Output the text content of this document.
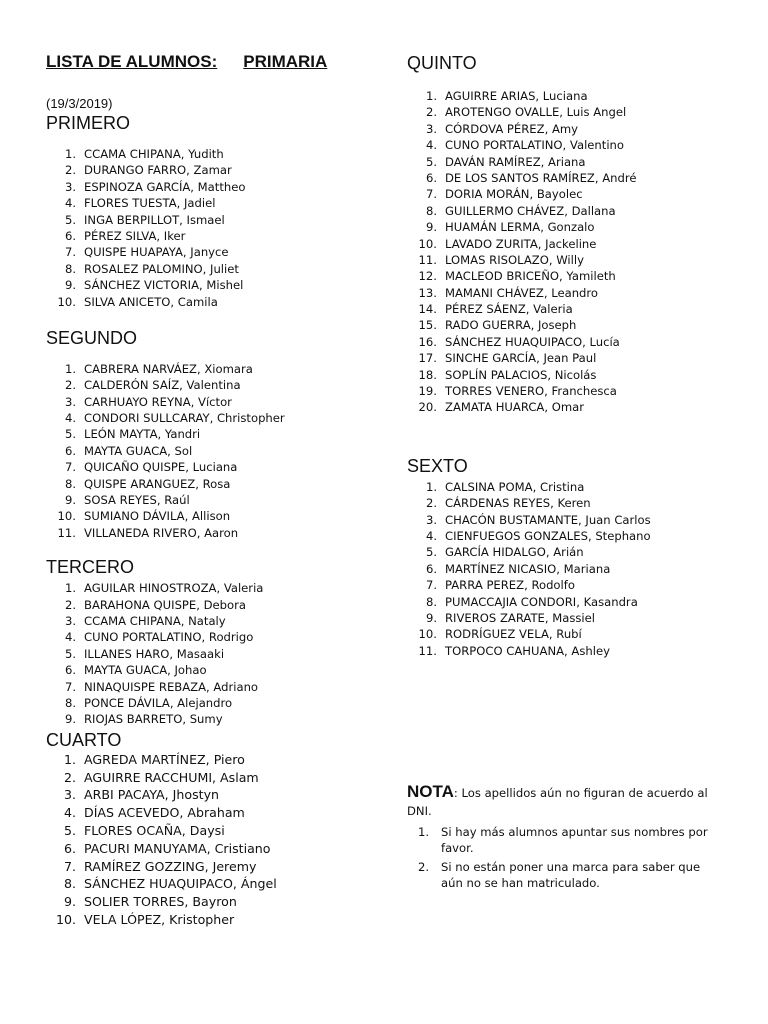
LISTA DE ALUMNOS: PRIMARIA

(19/3/2019)
PRIMERO
1. CCAMA CHIPANA, Yudith
2. DURANGO FARRO, Zamar
3. ESPINOZA GARCÍA, Mattheo
4. FLORES TUESTA, Jadiel
5. INGA BERPILLOT, Ismael
6. PÉREZ SILVA, Iker
7. QUISPE HUAPAYA, Janyce
8. ROSALEZ PALOMINO, Juliet
9. SÁNCHEZ VICTORIA, Mishel
10. SILVA ANICETO, Camila
SEGUNDO
1. CABRERA NARVÁEZ, Xiomara
2. CALDERÓN SAÍZ, Valentina
3. CARHUAYO REYNA, Víctor
4. CONDORI SULLCARAY, Christopher
5. LEÓN MAYTA, Yandri
6. MAYTA GUACA, Sol
7. QUICAÑO QUISPE, Luciana
8. QUISPE ARANGUEZ, Rosa
9. SOSA REYES, Raúl
10. SUMIANO DÁVILA, Allison
11. VILLANEDA RIVERO, Aaron
TERCERO
1. AGUILAR HINOSTROZA, Valeria
2. BARAHONA QUISPE, Debora
3. CCAMA CHIPANA, Nataly
4. CUNO PORTALATINO, Rodrigo
5. ILLANES HARO, Masaaki
6. MAYTA GUACA, Johao
7. NINAQUISPE REBAZA, Adriano
8. PONCE DÁVILA, Alejandro
9. RIOJAS BARRETO, Sumy
CUARTO
1. AGREDA MARTÍNEZ, Piero
2. AGUIRRE RACCHUMI, Aslam
3. ARBI PACAYA, Jhostyn
4. DÍAS ACEVEDO, Abraham
5. FLORES OCAÑA, Daysi
6. PACURI MANUYAMA, Cristiano
7. RAMÍREZ GOZZING, Jeremy
8. SÁNCHEZ HUAQUIPACO, Ángel
9. SOLIER TORRES, Bayron
10. VELA LÓPEZ, Kristopher
QUINTO
1. AGUIRRE ARIAS, Luciana
2. AROTENGO OVALLE, Luis Angel
3. CÓRDOVA PÉREZ, Amy
4. CUNO PORTALATINO, Valentino
5. DAVÁN RAMÍREZ, Ariana
6. DE LOS SANTOS RAMÍREZ, André
7. DORIA MORÁN, Bayolec
8. GUILLERMO CHÁVEZ, Dallana
9. HUAMÁN LERMA, Gonzalo
10. LAVADO ZURITA, Jackeline
11. LOMAS RISOLAZO, Willy
12. MACLEOD BRICEÑO, Yamileth
13. MAMANI CHÁVEZ, Leandro
14. PÉREZ SÁENZ, Valeria
15. RADO GUERRA, Joseph
16. SÁNCHEZ HUAQUIPACO, Lucía
17. SINCHE GARCÍA, Jean Paul
18. SOPLÍN PALACIOS, Nicolás
19. TORRES VENERO, Franchesca
20. ZAMATA HUARCA, Omar
SEXTO
1. CALSINA POMA, Cristina
2. CÁRDENAS REYES, Keren
3. CHACÓN BUSTAMANTE, Juan Carlos
4. CIENFUEGOS GONZALES, Stephano
5. GARCÍA HIDALGO, Arián
6. MARTÍNEZ NICASIO, Mariana
7. PARRA PEREZ, Rodolfo
8. PUMACCAJIA CONDORI, Kasandra
9. RIVEROS ZARATE, Massiel
10. RODRÍGUEZ VELA, Rubí
11. TORPOCO CAHUANA, Ashley
NOTA: Los apellidos aún no figuran de acuerdo al DNI.
1.	Si hay más alumnos apuntar sus nombres por favor.
2.	Si no están poner una marca para saber que aún no se han matriculado.
